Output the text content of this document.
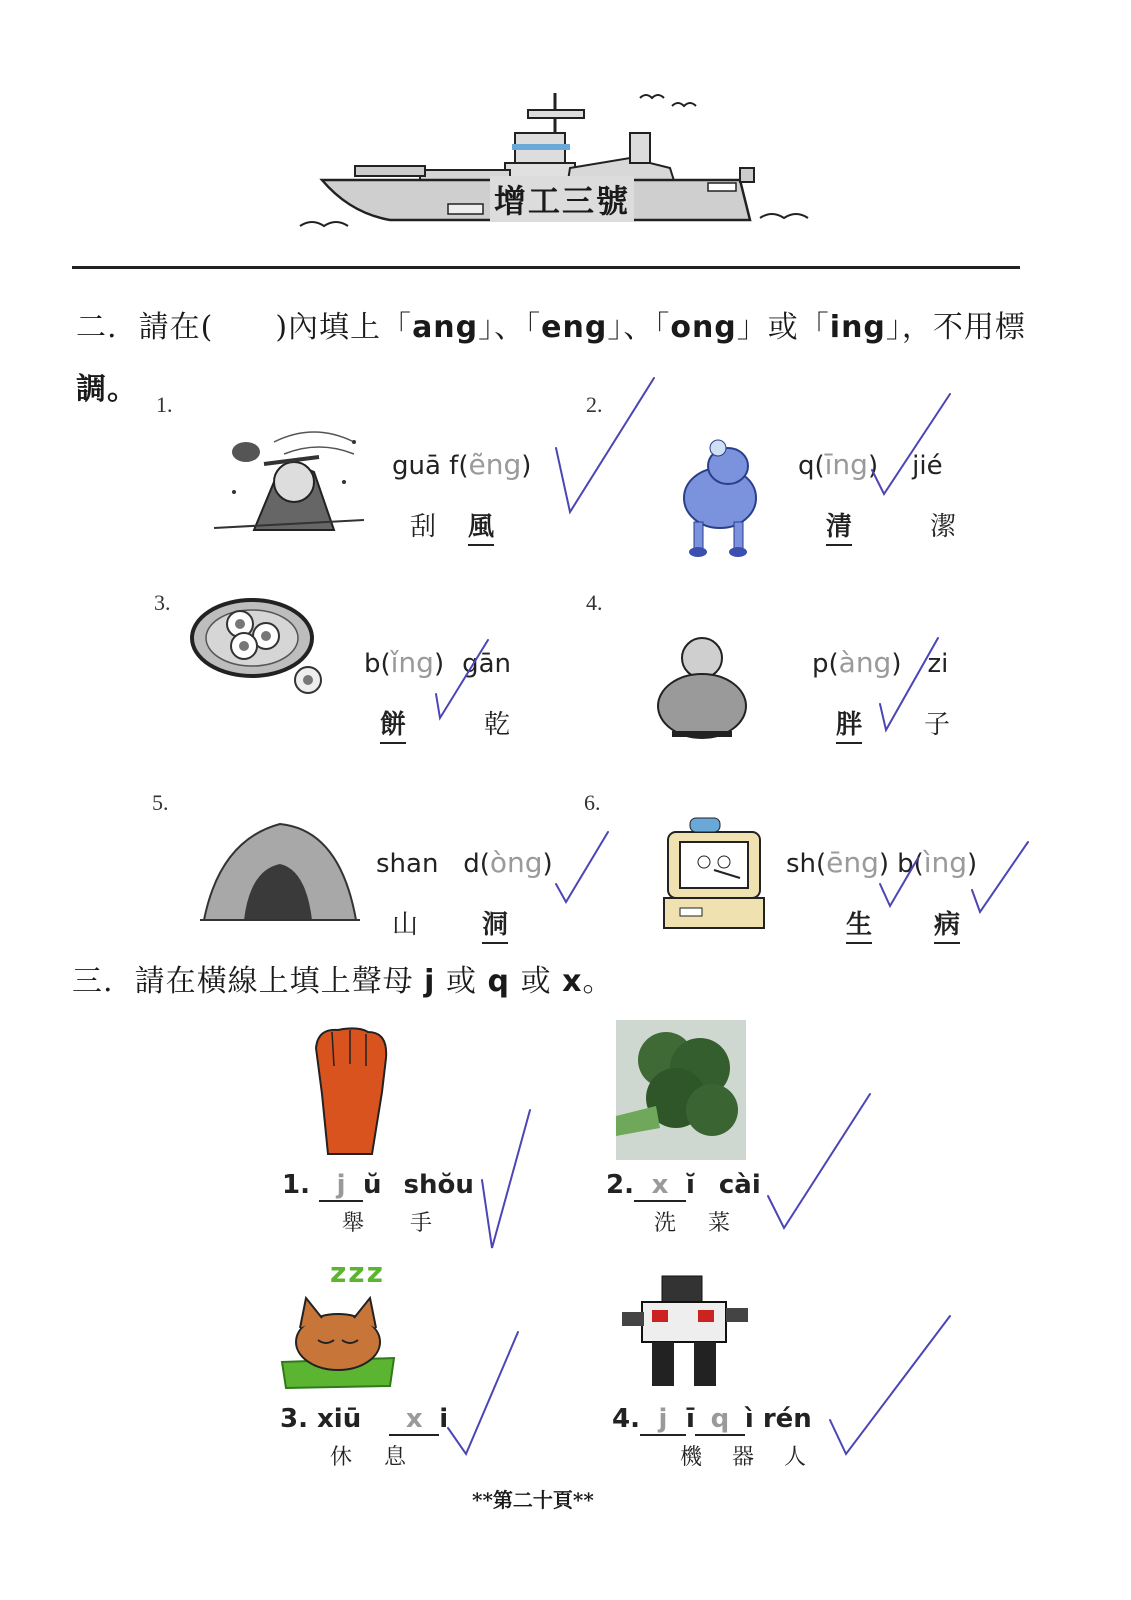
增工三號
二. 請在( )內填上「ang」、「eng」、「ong」或「ing」，不用標
調。 1.	2.
3.	4.
5.	6.
guā f(ẽng)
刮 風
q(īng) jié
清	潔
b(ǐng) gān
餅	乾
p(àng) zi
胖 子
shan   d(òng)
山 洞
sh(ēng) b(ìng)
生 病
三. 請在橫線上填上聲母 j 或 q 或 x。
1. j ŭ shŏu
舉 手
2. x ĭ cài
洗 菜
zzz
3. xiū x i
休 息
4. j ī q ì rén
機 器 人
**第二十頁**
